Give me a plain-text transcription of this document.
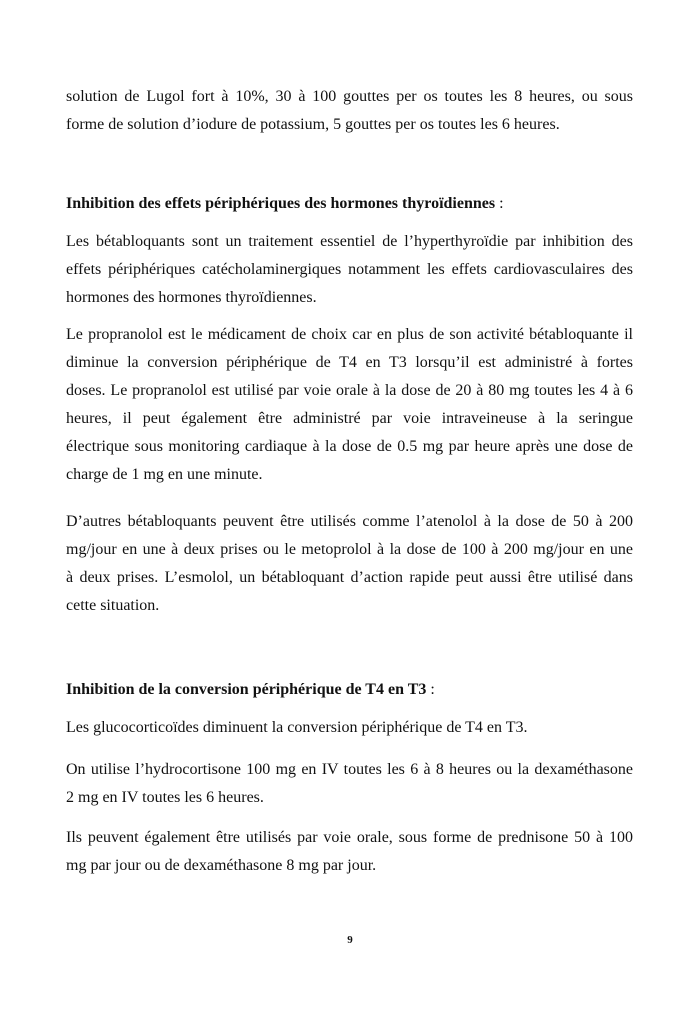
solution de Lugol fort à 10%, 30 à 100 gouttes per os toutes les 8 heures, ou sous
forme de solution d’iodure de potassium, 5 gouttes per os toutes les 6 heures.
Inhibition des effets périphériques des hormones thyroïdiennes :
Les bétabloquants sont un traitement essentiel de l’hyperthyroïdie par inhibition des
effets périphériques catécholaminergiques notamment les effets cardiovasculaires des
hormones des hormones thyroïdiennes.
Le propranolol est le médicament de choix car en plus de son activité bétabloquante il
diminue la conversion périphérique de T4 en T3 lorsqu’il est administré à fortes
doses. Le propranolol est utilisé par voie orale à la dose de 20 à 80 mg toutes les 4 à 6
heures, il peut également être administré par voie intraveineuse à la seringue
électrique sous monitoring cardiaque à la dose de 0.5 mg par heure après une dose de
charge de 1 mg en une minute.
D’autres bétabloquants peuvent être utilisés comme l’atenolol à la dose de 50 à 200
mg/jour en une à deux prises ou le metoprolol à la dose de 100 à 200 mg/jour en une
à deux prises. L’esmolol, un bétabloquant d’action rapide peut aussi être utilisé dans
cette situation.
Inhibition de la conversion périphérique de T4 en T3 :
Les glucocorticoïdes diminuent la conversion périphérique de T4 en T3.
On utilise l’hydrocortisone 100 mg en IV toutes les 6 à 8 heures ou la dexaméthasone
2 mg en IV toutes les 6 heures.
Ils peuvent également être utilisés par voie orale, sous forme de prednisone 50 à 100
mg par jour ou de dexaméthasone 8 mg par jour.
9
